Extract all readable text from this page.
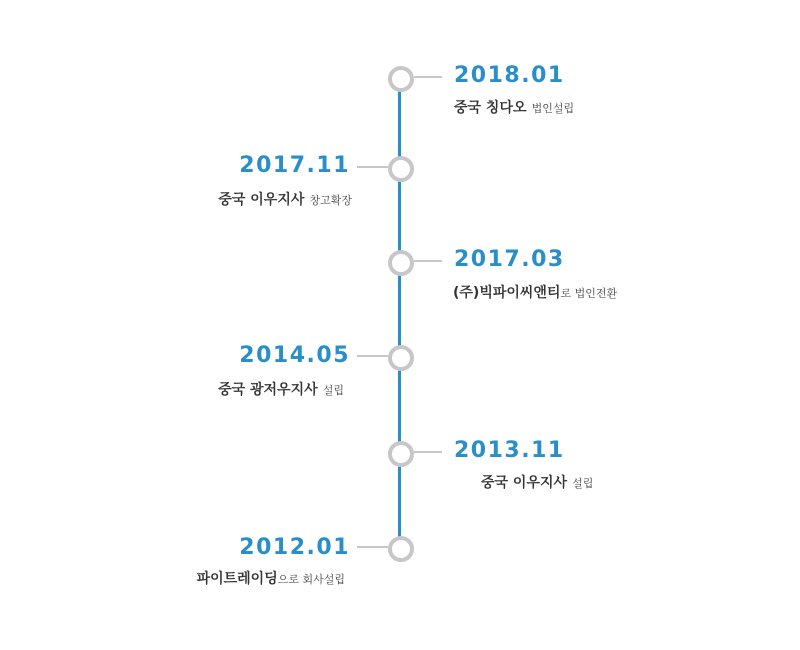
2018.01
중국 칭다오 법인설립
2017.11
중국 이우지사 창고확장
2017.03
(주)빅파이씨앤티로 법인전환
2014.05
중국 광저우지사 설립
2013.11
중국 이우지사 설립
2012.01
파이트레이딩으로 회사설립
